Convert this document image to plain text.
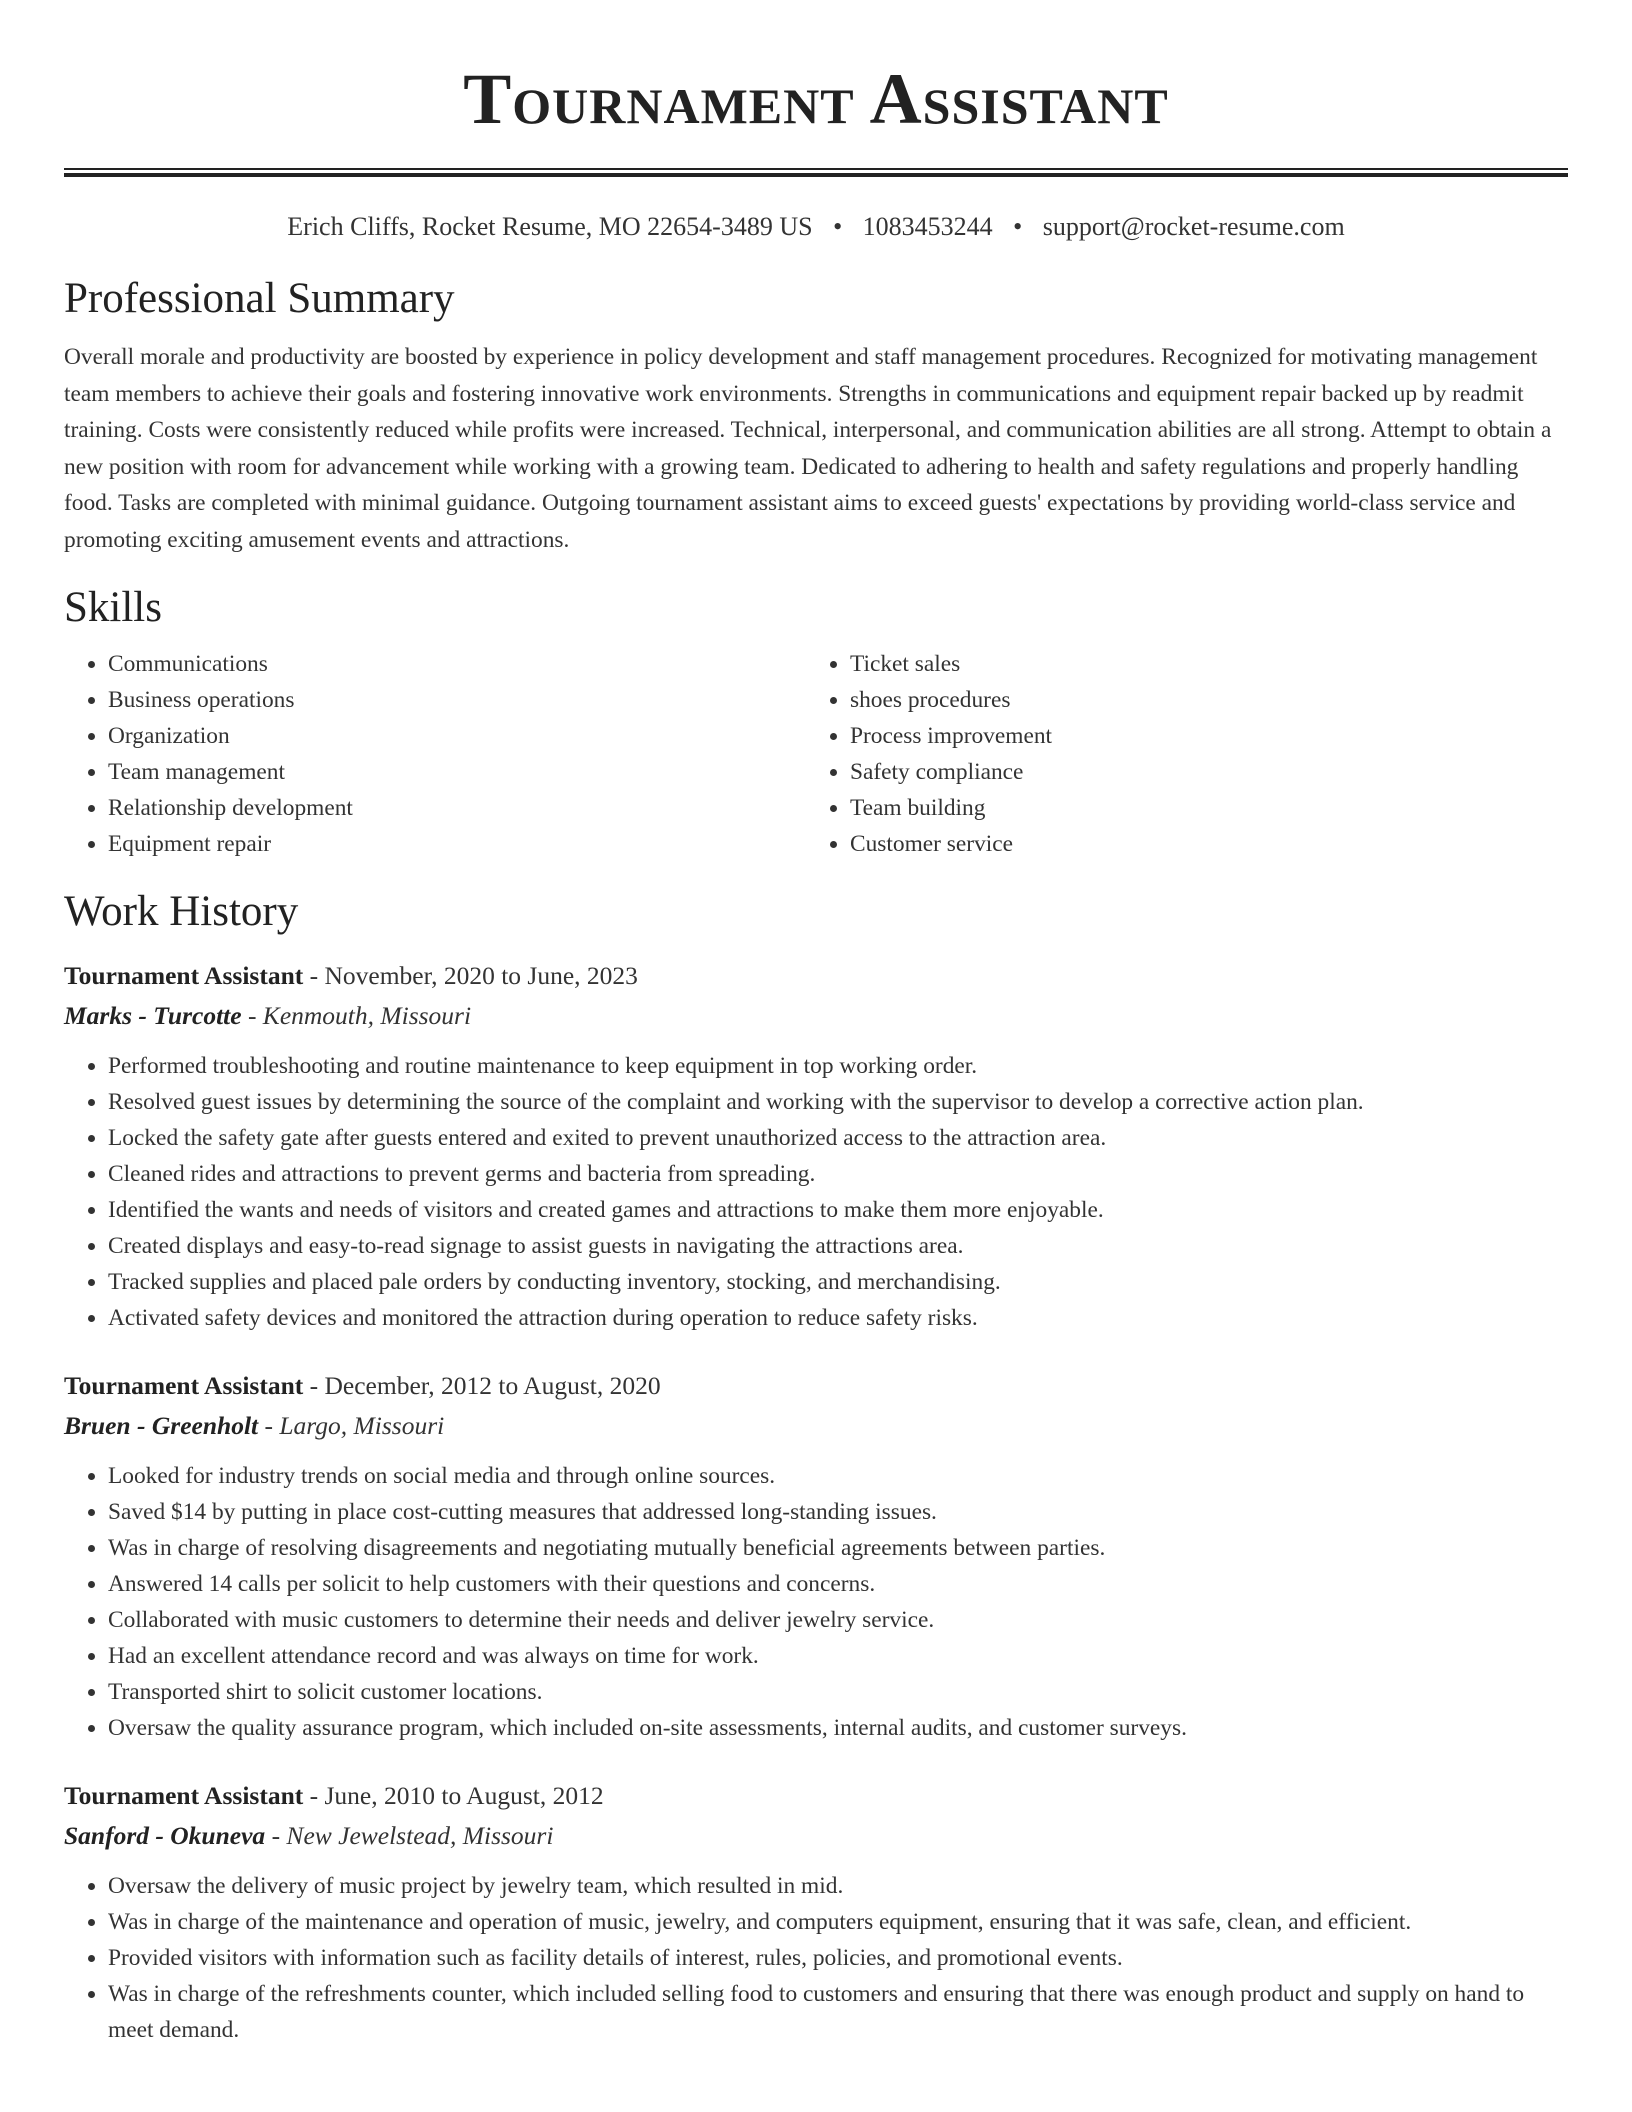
Tournament Assistant
Erich Cliffs, Rocket Resume, MO 22654-3489 US • 1083453244 • support@rocket-resume.com
Professional Summary

Overall morale and productivity are boosted by experience in policy development and staff management procedures. Recognized for motivating management team members to achieve their goals and fostering innovative work environments. Strengths in communications and equipment repair backed up by readmit training. Costs were consistently reduced while profits were increased. Technical, interpersonal, and communication abilities are all strong. Attempt to obtain a new position with room for advancement while working with a growing team. Dedicated to adhering to health and safety regulations and properly handling food. Tasks are completed with minimal guidance. Outgoing tournament assistant aims to exceed guests' expectations by providing world-class service and promoting exciting amusement events and attractions.

Skills
• Communications
• Business operations
• Organization
• Team management
• Relationship development
• Equipment repair
• Ticket sales
• shoes procedures
• Process improvement
• Safety compliance
• Team building
• Customer service
Work History
Tournament Assistant - November, 2020 to June, 2023
Marks - Turcotte - Kenmouth, Missouri
• Performed troubleshooting and routine maintenance to keep equipment in top working order.
• Resolved guest issues by determining the source of the complaint and working with the supervisor to develop a corrective action plan.
• Locked the safety gate after guests entered and exited to prevent unauthorized access to the attraction area.
• Cleaned rides and attractions to prevent germs and bacteria from spreading.
• Identified the wants and needs of visitors and created games and attractions to make them more enjoyable.
• Created displays and easy-to-read signage to assist guests in navigating the attractions area.
• Tracked supplies and placed pale orders by conducting inventory, stocking, and merchandising.
• Activated safety devices and monitored the attraction during operation to reduce safety risks.
Tournament Assistant - December, 2012 to August, 2020
Bruen - Greenholt - Largo, Missouri
• Looked for industry trends on social media and through online sources.
• Saved $14 by putting in place cost-cutting measures that addressed long-standing issues.
• Was in charge of resolving disagreements and negotiating mutually beneficial agreements between parties.
• Answered 14 calls per solicit to help customers with their questions and concerns.
• Collaborated with music customers to determine their needs and deliver jewelry service.
• Had an excellent attendance record and was always on time for work.
• Transported shirt to solicit customer locations.
• Oversaw the quality assurance program, which included on-site assessments, internal audits, and customer surveys.
Tournament Assistant - June, 2010 to August, 2012
Sanford - Okuneva - New Jewelstead, Missouri
• Oversaw the delivery of music project by jewelry team, which resulted in mid.
• Was in charge of the maintenance and operation of music, jewelry, and computers equipment, ensuring that it was safe, clean, and efficient.
• Provided visitors with information such as facility details of interest, rules, policies, and promotional events.
• Was in charge of the refreshments counter, which included selling food to customers and ensuring that there was enough product and supply on hand to meet demand.
